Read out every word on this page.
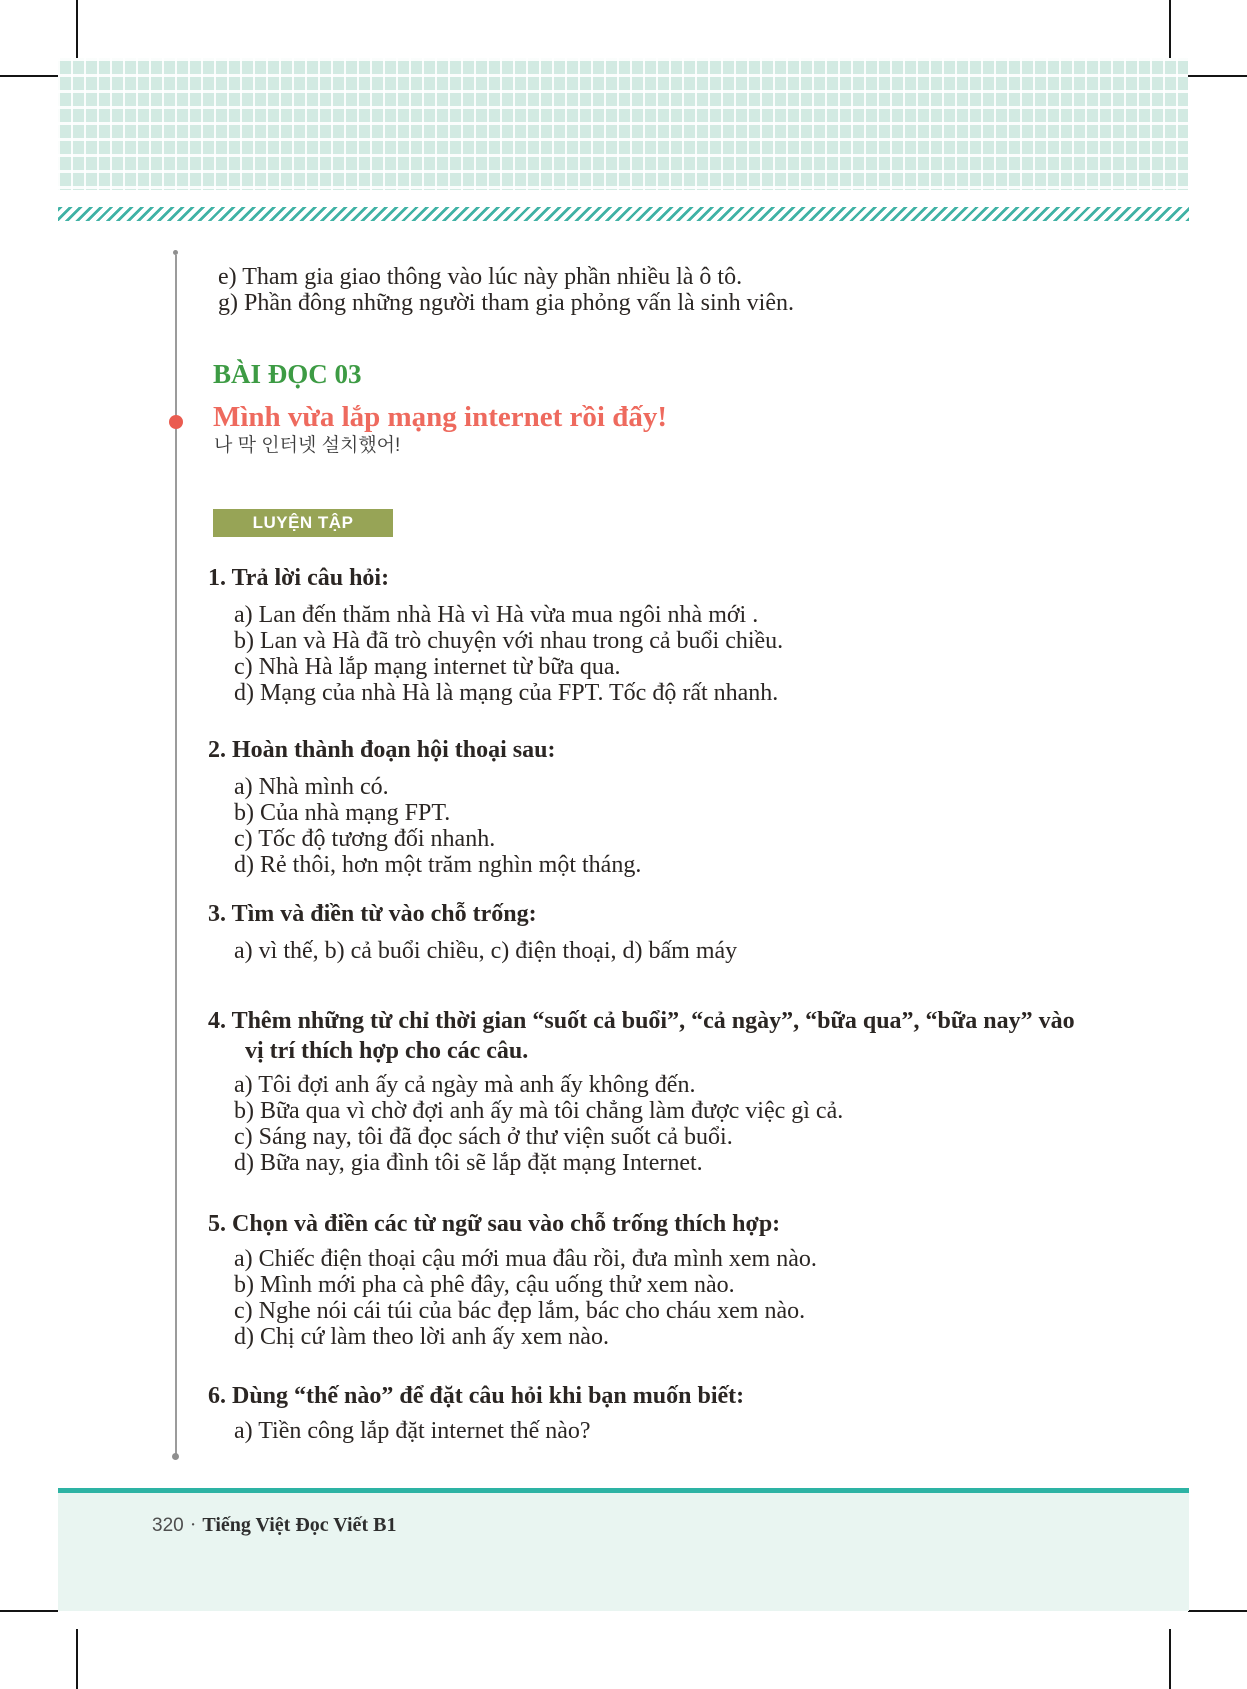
e) Tham gia giao thông vào lúc này phần nhiều là ô tô.
g) Phần đông những người tham gia phỏng vấn là sinh viên.
BÀI ĐỌC 03
Mình vừa lắp mạng internet rồi đấy!
나 막 인터넷 설치했어!
LUYỆN TẬP
1. Trả lời câu hỏi:
a) Lan đến thăm nhà Hà vì Hà vừa mua ngôi nhà mới .
b) Lan và Hà đã trò chuyện với nhau trong cả buổi chiều.
c) Nhà Hà lắp mạng internet từ bữa qua.
d) Mạng của nhà Hà là mạng của FPT. Tốc độ rất nhanh.
2. Hoàn thành đoạn hội thoại sau:
a) Nhà mình có.
b) Của nhà mạng FPT.
c) Tốc độ tương đối nhanh.
d) Rẻ thôi, hơn một trăm nghìn một tháng.
3. Tìm và điền từ vào chỗ trống:
a) vì thế, b) cả buổi chiều, c) điện thoại, d) bấm máy
4. Thêm những từ chỉ thời gian “suốt cả buổi”, “cả ngày”, “bữa qua”, “bữa nay” vào vị trí thích hợp cho các câu.
a) Tôi đợi anh ấy cả ngày mà anh ấy không đến.
b) Bữa qua vì chờ đợi anh ấy mà tôi chẳng làm được việc gì cả.
c) Sáng nay, tôi đã đọc sách ở thư viện suốt cả buổi.
d) Bữa nay, gia đình tôi sẽ lắp đặt mạng Internet.
5. Chọn và điền các từ ngữ sau vào chỗ trống thích hợp:
a) Chiếc điện thoại cậu mới mua đâu rồi, đưa mình xem nào.
b) Mình mới pha cà phê đây, cậu uống thử xem nào.
c) Nghe nói cái túi của bác đẹp lắm, bác cho cháu xem nào.
d) Chị cứ làm theo lời anh ấy xem nào.
6. Dùng “thế nào” để đặt câu hỏi khi bạn muốn biết:
a) Tiền công lắp đặt internet thế nào?
320 · Tiếng Việt Đọc Viết B1
